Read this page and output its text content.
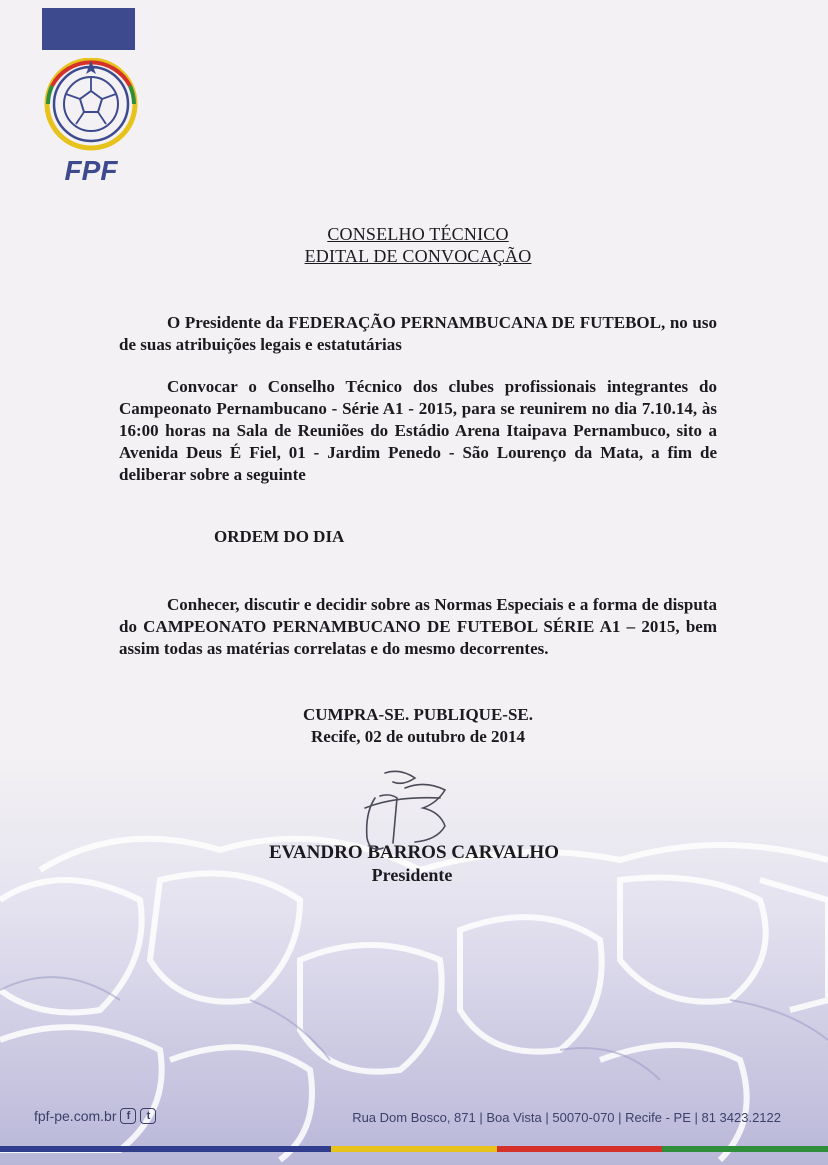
FPF
CONSELHO TÉCNICO
EDITAL DE CONVOCAÇÃO
O Presidente da FEDERAÇÃO PERNAMBUCANA DE FUTEBOL, no uso de suas atribuições legais e estatutárias
Convocar o Conselho Técnico dos clubes profissionais integrantes do Campeonato Pernambucano - Série A1 - 2015, para se reunirem no dia 7.10.14, às 16:00 horas na Sala de Reuniões do Estádio Arena Itaipava Pernambuco, sito a Avenida Deus É Fiel, 01 - Jardim Penedo - São Lourenço da Mata, a fim de deliberar sobre a seguinte
ORDEM DO DIA
Conhecer, discutir e decidir sobre as Normas Especiais e a forma de disputa do CAMPEONATO PERNAMBUCANO DE FUTEBOL SÉRIE A1 – 2015, bem assim todas as matérias correlatas e do mesmo decorrentes.
CUMPRA-SE. PUBLIQUE-SE.
Recife, 02 de outubro de 2014
EVANDRO BARROS CARVALHO
Presidente
fpf-pe.com.br f	t	Rua Dom Bosco, 871 | Boa Vista | 50070-070 | Recife - PE | 81 3423.2122
